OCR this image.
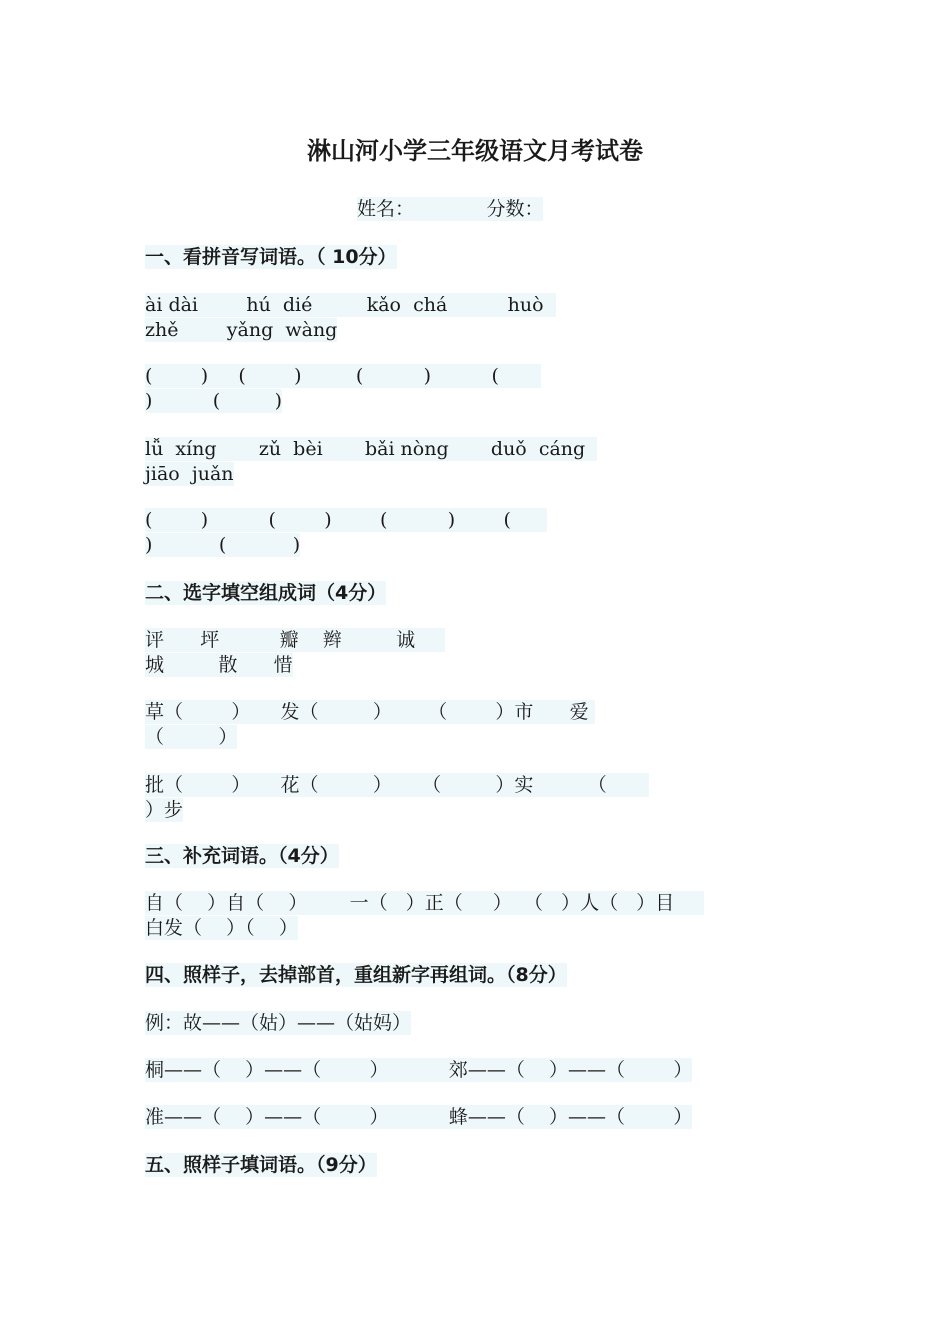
淋山河小学三年级语文月考试卷
姓名：            分数：
一、看拼音写词语。（ 10分）
ài dài        hú  dié         kǎo  chá          huò
zhě        yǎng  wàng
(        )     (        )         (          )          (
)          (         )
lǚ  xíng       zǔ  bèi       bǎi nòng       duǒ  cáng
jiāo  juǎn
(        )          (        )        (          )        (
)           (           )
二、选字填空组成词（4分）
评      坪          瓣    辫         诚
城         散      惜
草（        ）     发（         ）      （        ）市      爱
（         ）
批（        ）     花（         ）     （         ）实         （
）步
三、补充词语。（4分）
自（    ）自（    ）       一（   ）正（     ）  （   ）人（   ）目
白发（    ）（    ）
四、照样子，去掉部首，重组新字再组词。（8分）
例：故——（姑）——（姑妈）
桐——（    ）——（        ）          郊——（    ）——（        ）
准——（    ）——（        ）          蜂——（    ）——（        ）
五、照样子填词语。（9分）
